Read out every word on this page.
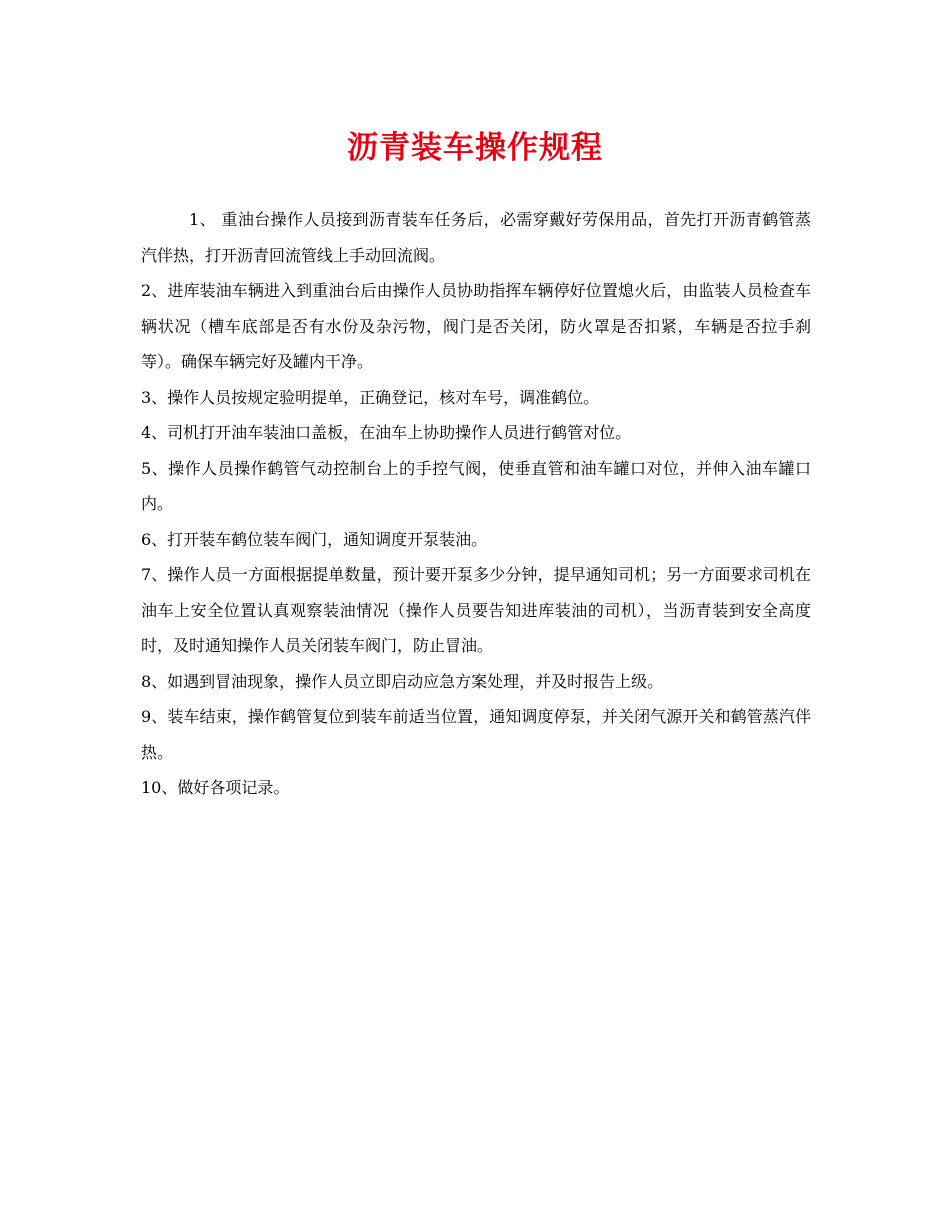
沥青装车操作规程

1、 重油台操作人员接到沥青装车任务后，必需穿戴好劳保用品，首先打开沥青鹤管蒸汽伴热，打开沥青回流管线上手动回流阀。

2、进库装油车辆进入到重油台后由操作人员协助指挥车辆停好位置熄火后，由监装人员检查车辆状况（槽车底部是否有水份及杂污物，阀门是否关闭，防火罩是否扣紧，车辆是否拉手刹等）。确保车辆完好及罐内干净。

3、操作人员按规定验明提单，正确登记，核对车号，调准鹤位。

4、司机打开油车装油口盖板，在油车上协助操作人员进行鹤管对位。

5、操作人员操作鹤管气动控制台上的手控气阀，使垂直管和油车罐口对位，并伸入油车罐口内。

6、打开装车鹤位装车阀门，通知调度开泵装油。

7、操作人员一方面根据提单数量，预计要开泵多少分钟，提早通知司机；另一方面要求司机在油车上安全位置认真观察装油情况（操作人员要告知进库装油的司机），当沥青装到安全高度时，及时通知操作人员关闭装车阀门，防止冒油。

8、如遇到冒油现象，操作人员立即启动应急方案处理，并及时报告上级。

9、装车结束，操作鹤管复位到装车前适当位置，通知调度停泵，并关闭气源开关和鹤管蒸汽伴热。

10、做好各项记录。
